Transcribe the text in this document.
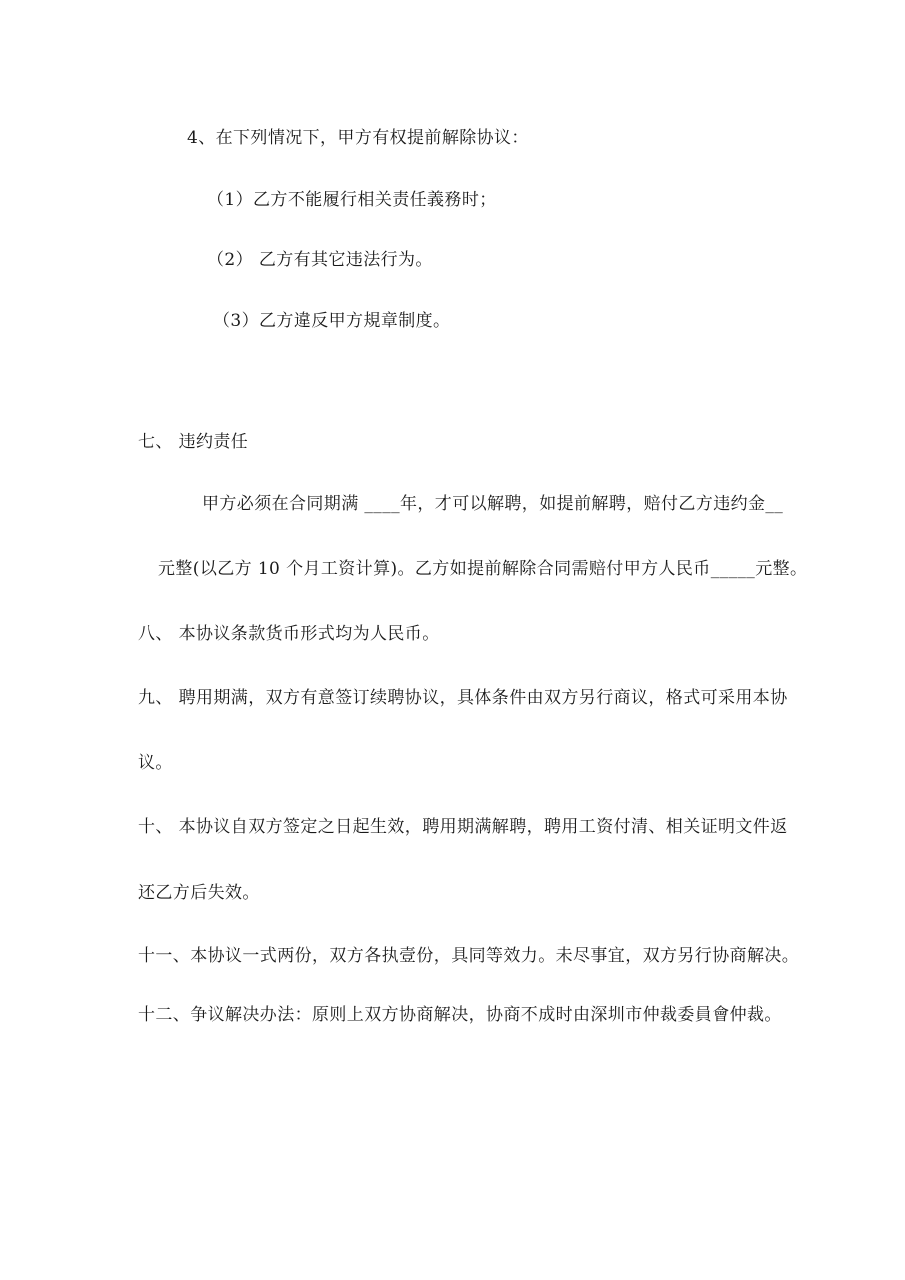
4、在下列情况下，甲方有权提前解除协议：
（1）乙方不能履行相关责任義務时；
（2） 乙方有其它违法行为。
（3）乙方違反甲方規章制度。
七、 违约责任
甲方必须在合同期满 ____年，才可以解聘，如提前解聘，赔付乙方违约金__
元整(以乙方 10 个月工资计算)。乙方如提前解除合同需赔付甲方人民币_____元整。
八、 本协议条款货币形式均为人民币。
九、 聘用期满，双方有意签订续聘协议，具体条件由双方另行商议，格式可采用本协
议。
十、 本协议自双方签定之日起生效，聘用期满解聘，聘用工资付清、相关证明文件返
还乙方后失效。
十一、本协议一式两份，双方各执壹份，具同等效力。未尽事宜，双方另行协商解决。
十二、争议解决办法：原则上双方协商解决，协商不成时由深圳市仲裁委員會仲裁。
